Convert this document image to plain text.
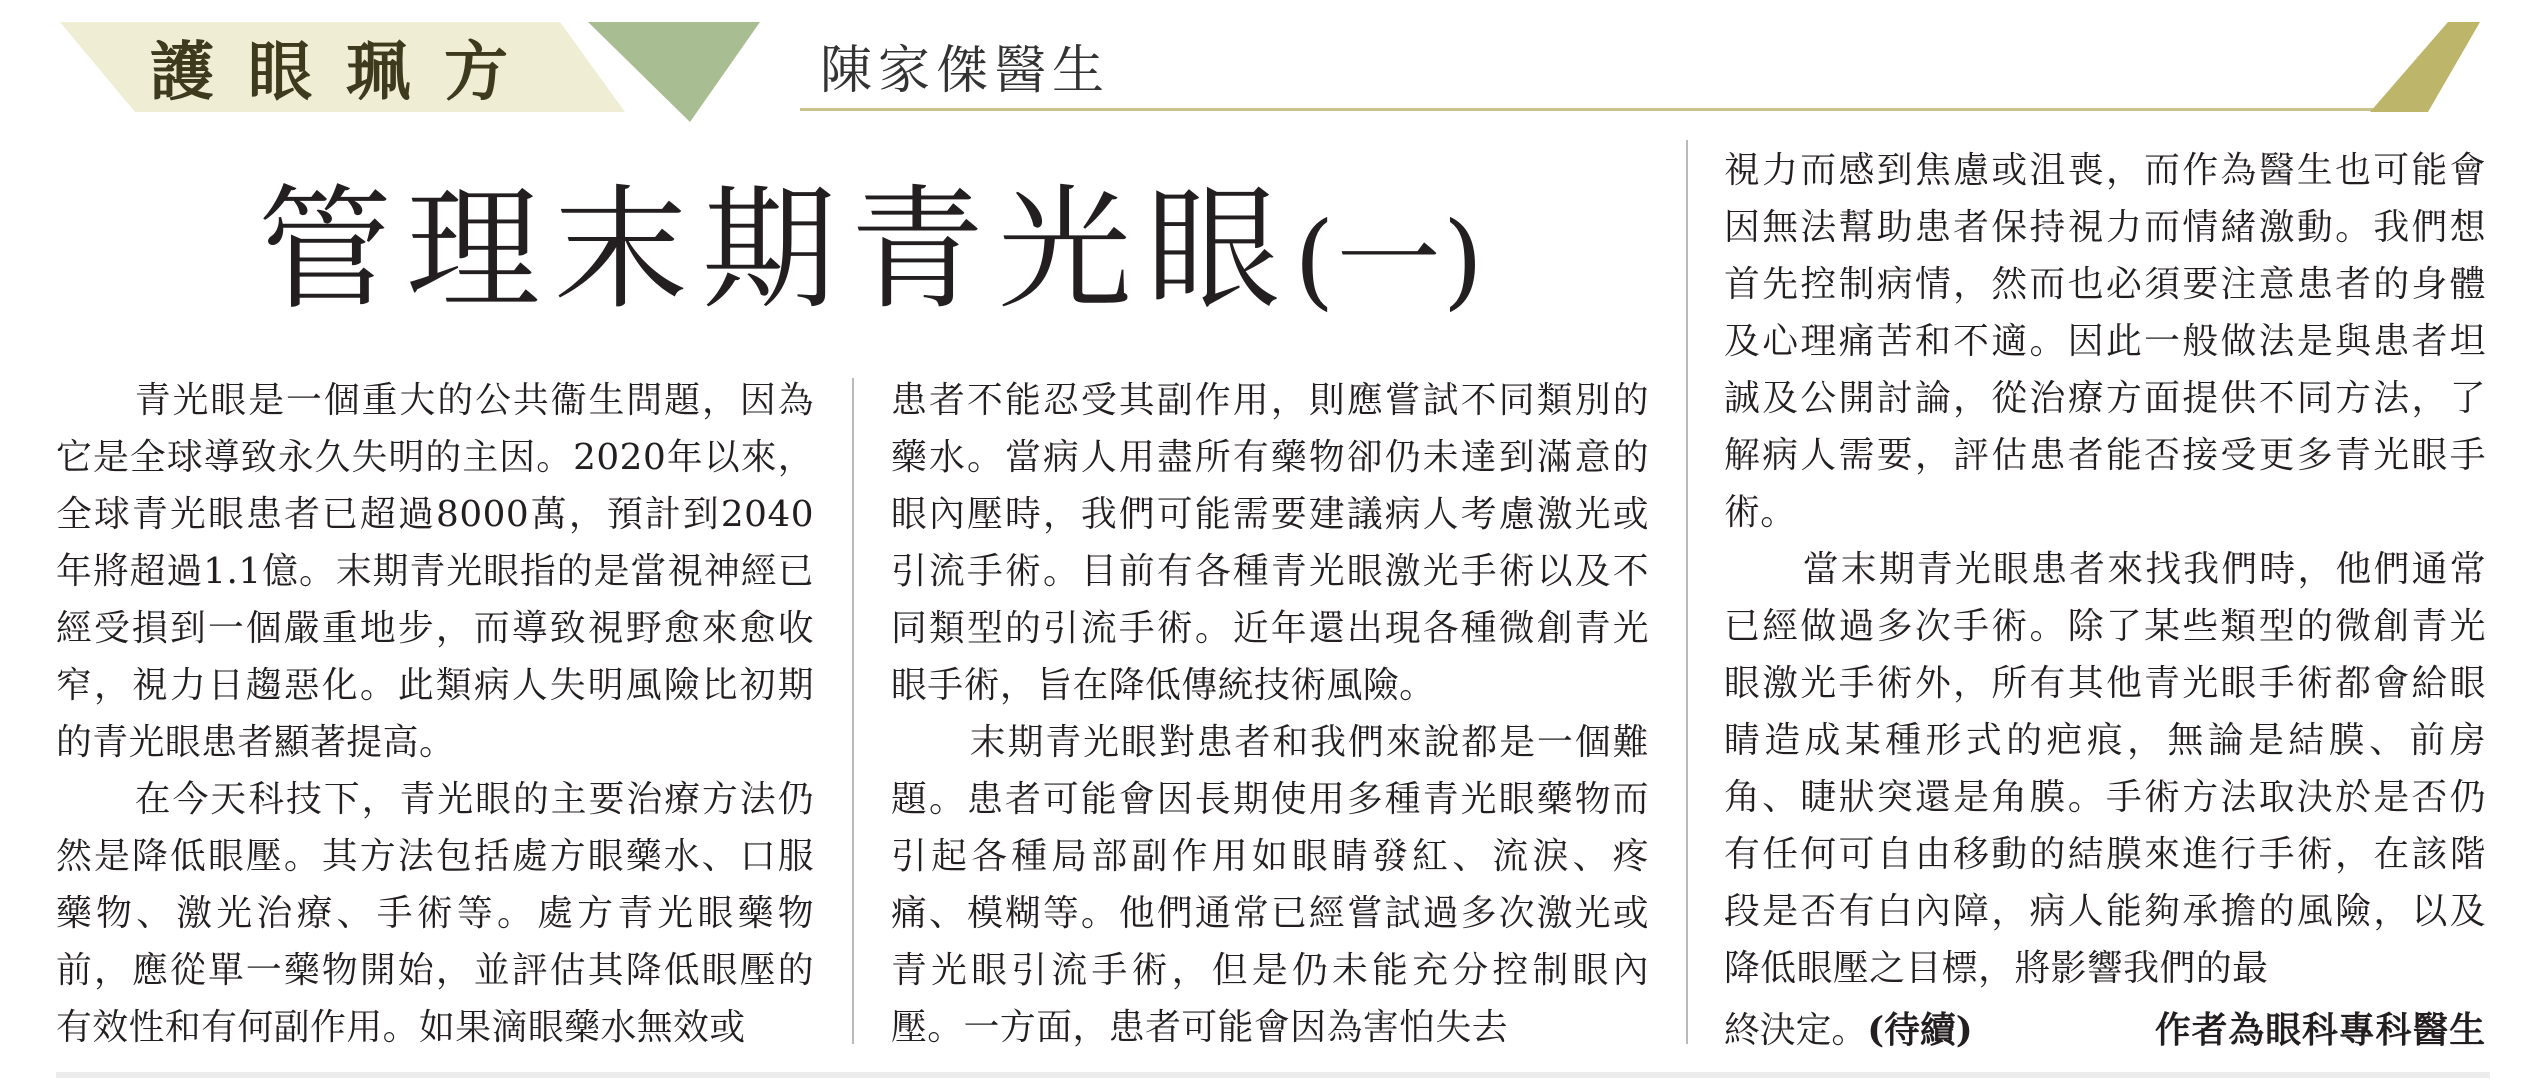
護眼珮方	陳家傑醫生
管理末期青光眼(一)

青光眼是一個重大的公共衞生問題，因為它是全球導致永久失明的主因。2020年以來，全球青光眼患者已超過8000萬，預計到2040年將超過1.1億。末期青光眼指的是當視神經已經受損到一個嚴重地步，而導致視野愈來愈收窄，視力日趨惡化。此類病人失明風險比初期的青光眼患者顯著提高。

在今天科技下，青光眼的主要治療方法仍然是降低眼壓。其方法包括處方眼藥水、口服藥物、激光治療、手術等。處方青光眼藥物前，應從單一藥物開始，並評估其降低眼壓的有效性和有何副作用。如果滴眼藥水無效或

患者不能忍受其副作用，則應嘗試不同類別的藥水。當病人用盡所有藥物卻仍未達到滿意的眼內壓時，我們可能需要建議病人考慮激光或引流手術。目前有各種青光眼激光手術以及不同類型的引流手術。近年還出現各種微創青光眼手術，旨在降低傳統技術風險。

末期青光眼對患者和我們來說都是一個難題。患者可能會因長期使用多種青光眼藥物而引起各種局部副作用如眼睛發紅、流淚、疼痛、模糊等。他們通常已經嘗試過多次激光或青光眼引流手術，但是仍未能充分控制眼內壓。一方面，患者可能會因為害怕失去

視力而感到焦慮或沮喪，而作為醫生也可能會因無法幫助患者保持視力而情緒激動。我們想首先控制病情，然而也必須要注意患者的身體及心理痛苦和不適。因此一般做法是與患者坦誠及公開討論，從治療方面提供不同方法，了解病人需要，評估患者能否接受更多青光眼手術。

當末期青光眼患者來找我們時，他們通常已經做過多次手術。除了某些類型的微創青光眼激光手術外，所有其他青光眼手術都會給眼睛造成某種形式的疤痕，無論是結膜、前房角、睫狀突還是角膜。手術方法取決於是否仍有任何可自由移動的結膜來進行手術，在該階段是否有白內障，病人能夠承擔的風險，以及降低眼壓之目標，將影響我們的最

終決定。(待續)	作者為眼科專科醫生
